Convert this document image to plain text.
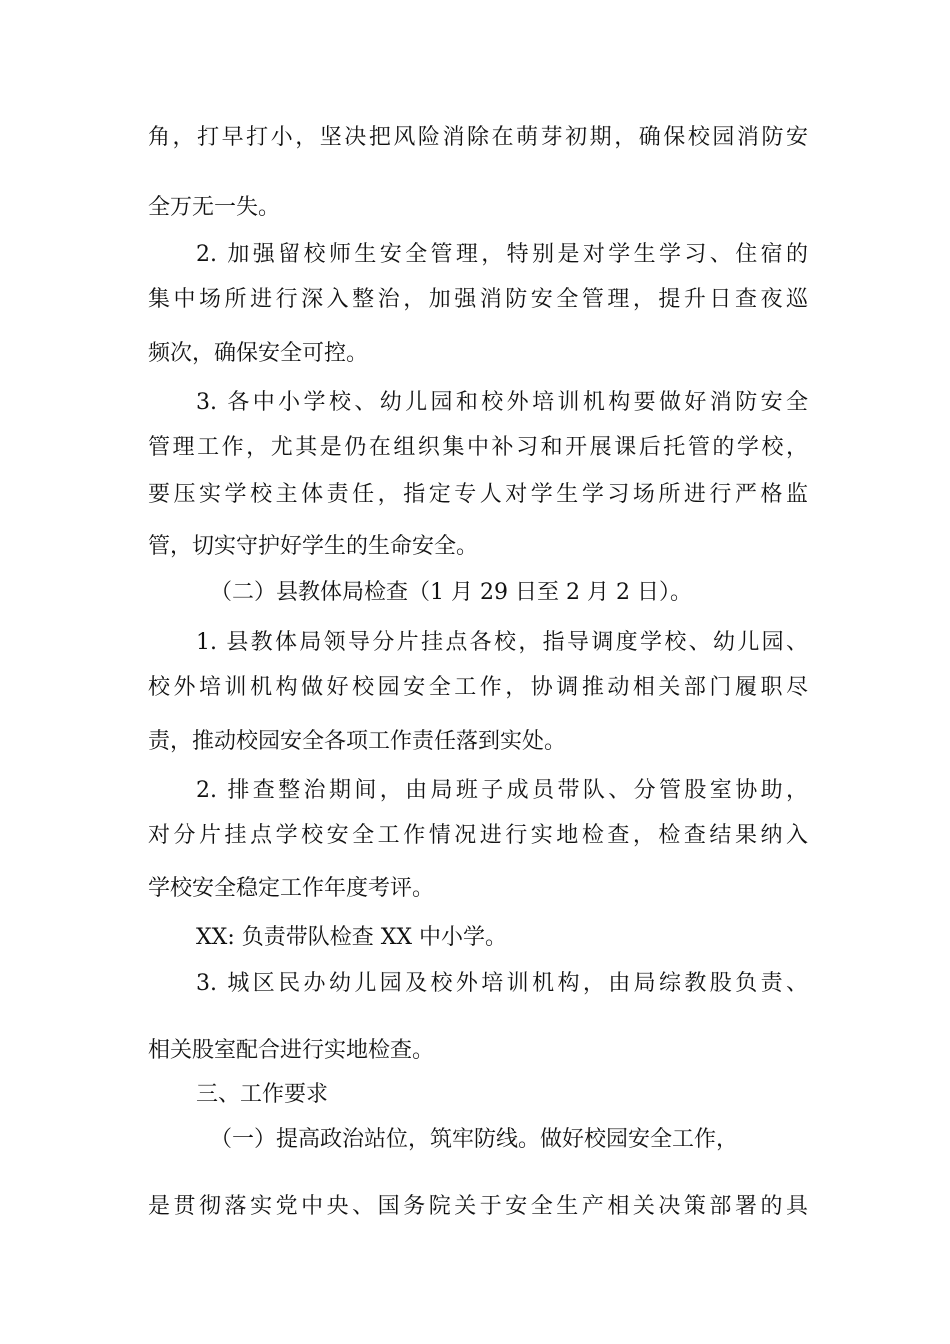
角，打早打小，坚决把风险消除在萌芽初期，确保校园消防安
全万无一失。
2. 加强留校师生安全管理，特别是对学生学习、住宿的
集中场所进行深入整治，加强消防安全管理，提升日查夜巡
频次，确保安全可控。
3. 各中小学校、幼儿园和校外培训机构要做好消防安全
管理工作，尤其是仍在组织集中补习和开展课后托管的学校，
要压实学校主体责任，指定专人对学生学习场所进行严格监
管，切实守护好学生的生命安全。
（二）县教体局检查（1 月 29 日至 2 月 2 日）。
1. 县教体局领导分片挂点各校，指导调度学校、幼儿园、
校外培训机构做好校园安全工作，协调推动相关部门履职尽
责，推动校园安全各项工作责任落到实处。
2. 排查整治期间，由局班子成员带队、分管股室协助，
对分片挂点学校安全工作情况进行实地检查，检查结果纳入
学校安全稳定工作年度考评。
XX: 负责带队检查 XX 中小学。
3. 城区民办幼儿园及校外培训机构，由局综教股负责、
相关股室配合进行实地检查。
三、工作要求
（一）提高政治站位，筑牢防线。做好校园安全工作，
是贯彻落实党中央、国务院关于安全生产相关决策部署的具
